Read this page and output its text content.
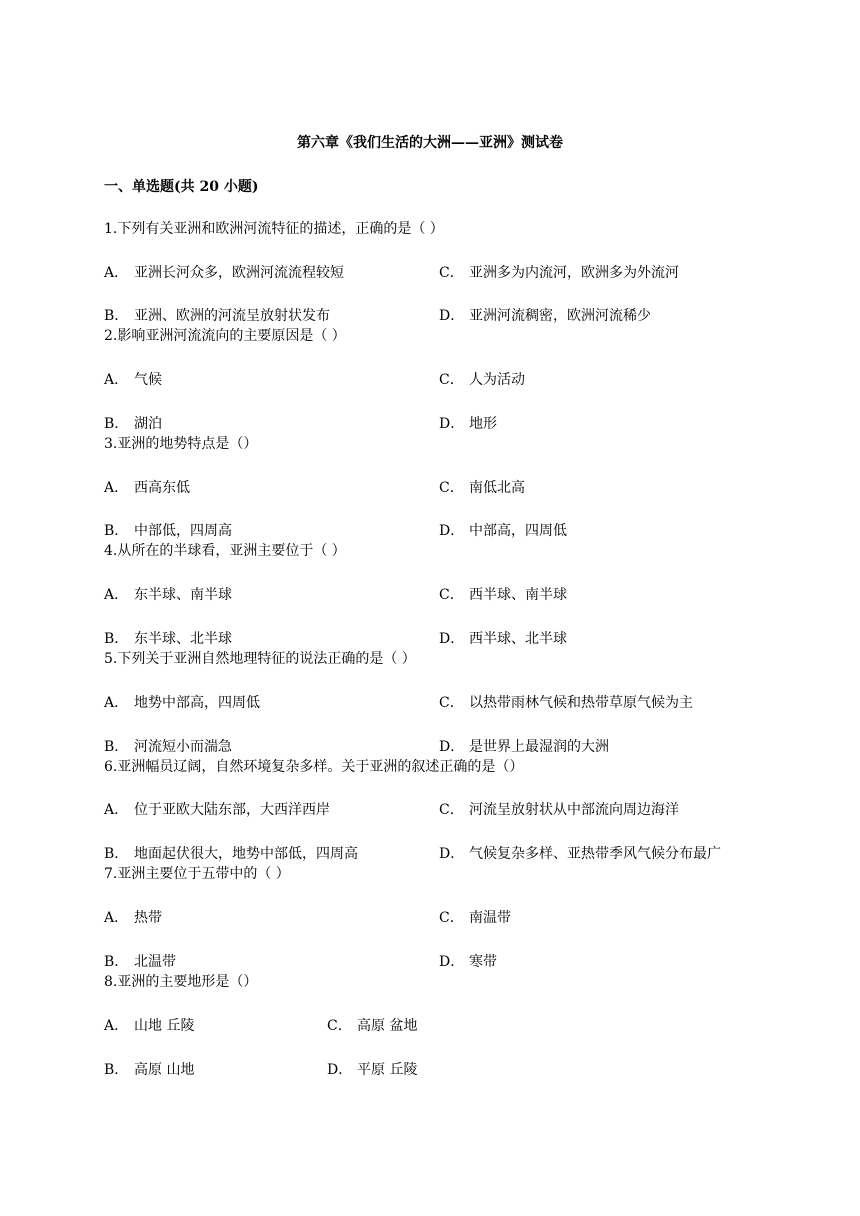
第六章《我们生活的大洲——亚洲》测试卷
一、单选题(共 20 小题)
1.下列有关亚洲和欧洲河流特征的描述，正确的是（ ）
A． 亚洲长河众多，欧洲河流流程较短	C． 亚洲多为内流河，欧洲多为外流河
B． 亚洲、欧洲的河流呈放射状发布	D． 亚洲河流稠密，欧洲河流稀少
2.影响亚洲河流流向的主要原因是（ ）
A． 气候	C． 人为活动
B． 湖泊	D． 地形
3.亚洲的地势特点是（）
A． 西高东低	C． 南低北高
B． 中部低，四周高	D． 中部高，四周低
4.从所在的半球看，亚洲主要位于（ ）
A． 东半球、南半球	C． 西半球、南半球
B． 东半球、北半球	D． 西半球、北半球
5.下列关于亚洲自然地理特征的说法正确的是（ ）
A． 地势中部高，四周低	C． 以热带雨林气候和热带草原气候为主
B． 河流短小而湍急	D． 是世界上最湿润的大洲
6.亚洲幅员辽阔，自然环境复杂多样。关于亚洲的叙述正确的是（）
A． 位于亚欧大陆东部，大西洋西岸	C． 河流呈放射状从中部流向周边海洋
B． 地面起伏很大，地势中部低，四周高	D． 气候复杂多样、亚热带季风气候分布最广
7.亚洲主要位于五带中的（ ）
A． 热带	C． 南温带
B． 北温带	D． 寒带
8.亚洲的主要地形是（）
A． 山地 丘陵	C． 高原 盆地
B． 高原 山地	D． 平原 丘陵
